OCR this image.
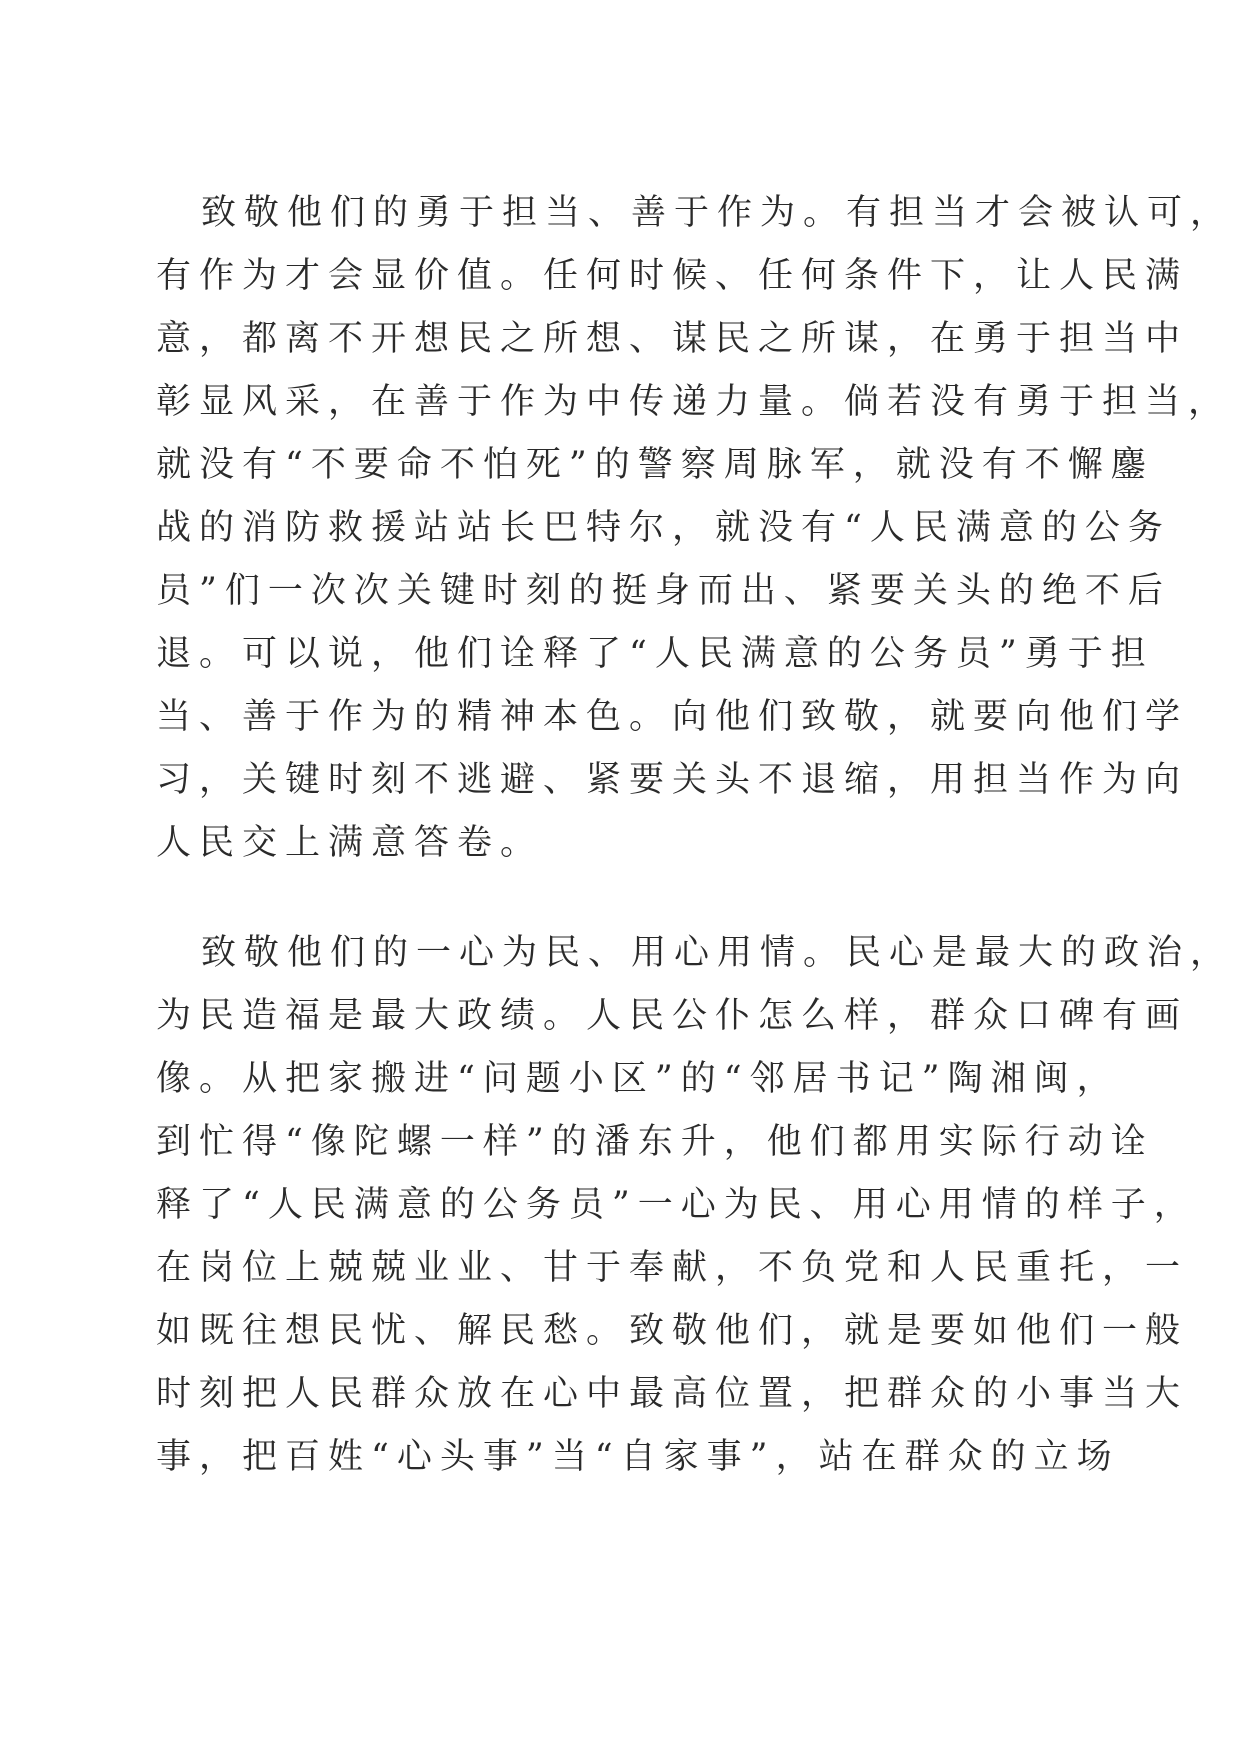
致敬他们的勇于担当、善于作为。有担当才会被认可，
有作为才会显价值。任何时候、任何条件下，让人民满
意，都离不开想民之所想、谋民之所谋，在勇于担当中
彰显风采，在善于作为中传递力量。倘若没有勇于担当，
就没有“不要命不怕死”的警察周脉军，就没有不懈鏖
战的消防救援站站长巴特尔，就没有“人民满意的公务
员”们一次次关键时刻的挺身而出、紧要关头的绝不后
退。可以说，他们诠释了“人民满意的公务员”勇于担
当、善于作为的精神本色。向他们致敬，就要向他们学
习，关键时刻不逃避、紧要关头不退缩，用担当作为向
人民交上满意答卷。

致敬他们的一心为民、用心用情。民心是最大的政治，
为民造福是最大政绩。人民公仆怎么样，群众口碑有画
像。从把家搬进“问题小区”的“邻居书记”陶湘闽，
到忙得“像陀螺一样”的潘东升，他们都用实际行动诠
释了“人民满意的公务员”一心为民、用心用情的样子，
在岗位上兢兢业业、甘于奉献，不负党和人民重托，一
如既往想民忧、解民愁。致敬他们，就是要如他们一般
时刻把人民群众放在心中最高位置，把群众的小事当大
事，把百姓“心头事”当“自家事”，站在群众的立场
